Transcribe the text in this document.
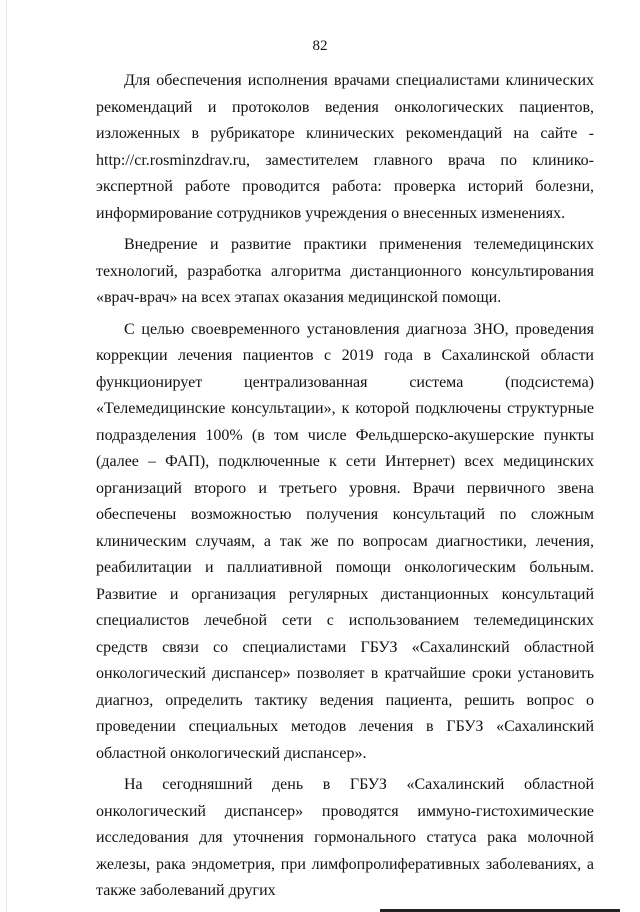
82

Для обеспечения исполнения врачами специалистами клинических рекомендаций и протоколов ведения онкологических пациентов, изложенных в рубрикаторе клинических рекомендаций на сайте -http://cr.rosminzdrav.ru, заместителем главного врача по клинико-экспертной работе проводится работа: проверка историй болезни, информирование сотрудников учреждения о внесенных изменениях.

Внедрение и развитие практики применения телемедицинских технологий, разработка алгоритма дистанционного консультирования «врач-врач» на всех этапах оказания медицинской помощи.

С целью своевременного установления диагноза ЗНО, проведения коррекции лечения пациентов с 2019 года в Сахалинской области функционирует централизованная система (подсистема) «Телемедицинские консультации», к которой подключены структурные подразделения 100% (в том числе Фельдшерско-акушерские пункты (далее – ФАП), подключенные к сети Интернет) всех медицинских организаций второго и третьего уровня. Врачи первичного звена обеспечены возможностью получения консультаций по сложным клиническим случаям, а так же по вопросам диагностики, лечения, реабилитации и паллиативной помощи онкологическим больным. Развитие и организация регулярных дистанционных консультаций специалистов лечебной сети с использованием телемедицинских средств связи со специалистами ГБУЗ «Сахалинский областной онкологический диспансер» позволяет в кратчайшие сроки установить диагноз, определить тактику ведения пациента, решить вопрос о проведении специальных методов лечения в ГБУЗ «Сахалинский областной онкологический диспансер».

На сегодняшний день в ГБУЗ «Сахалинский областной онкологический диспансер» проводятся иммуно-гистохимические исследования для уточнения гормонального статуса рака молочной железы, рака эндометрия, при лимфопролиферативных заболеваниях, а также заболеваний других
